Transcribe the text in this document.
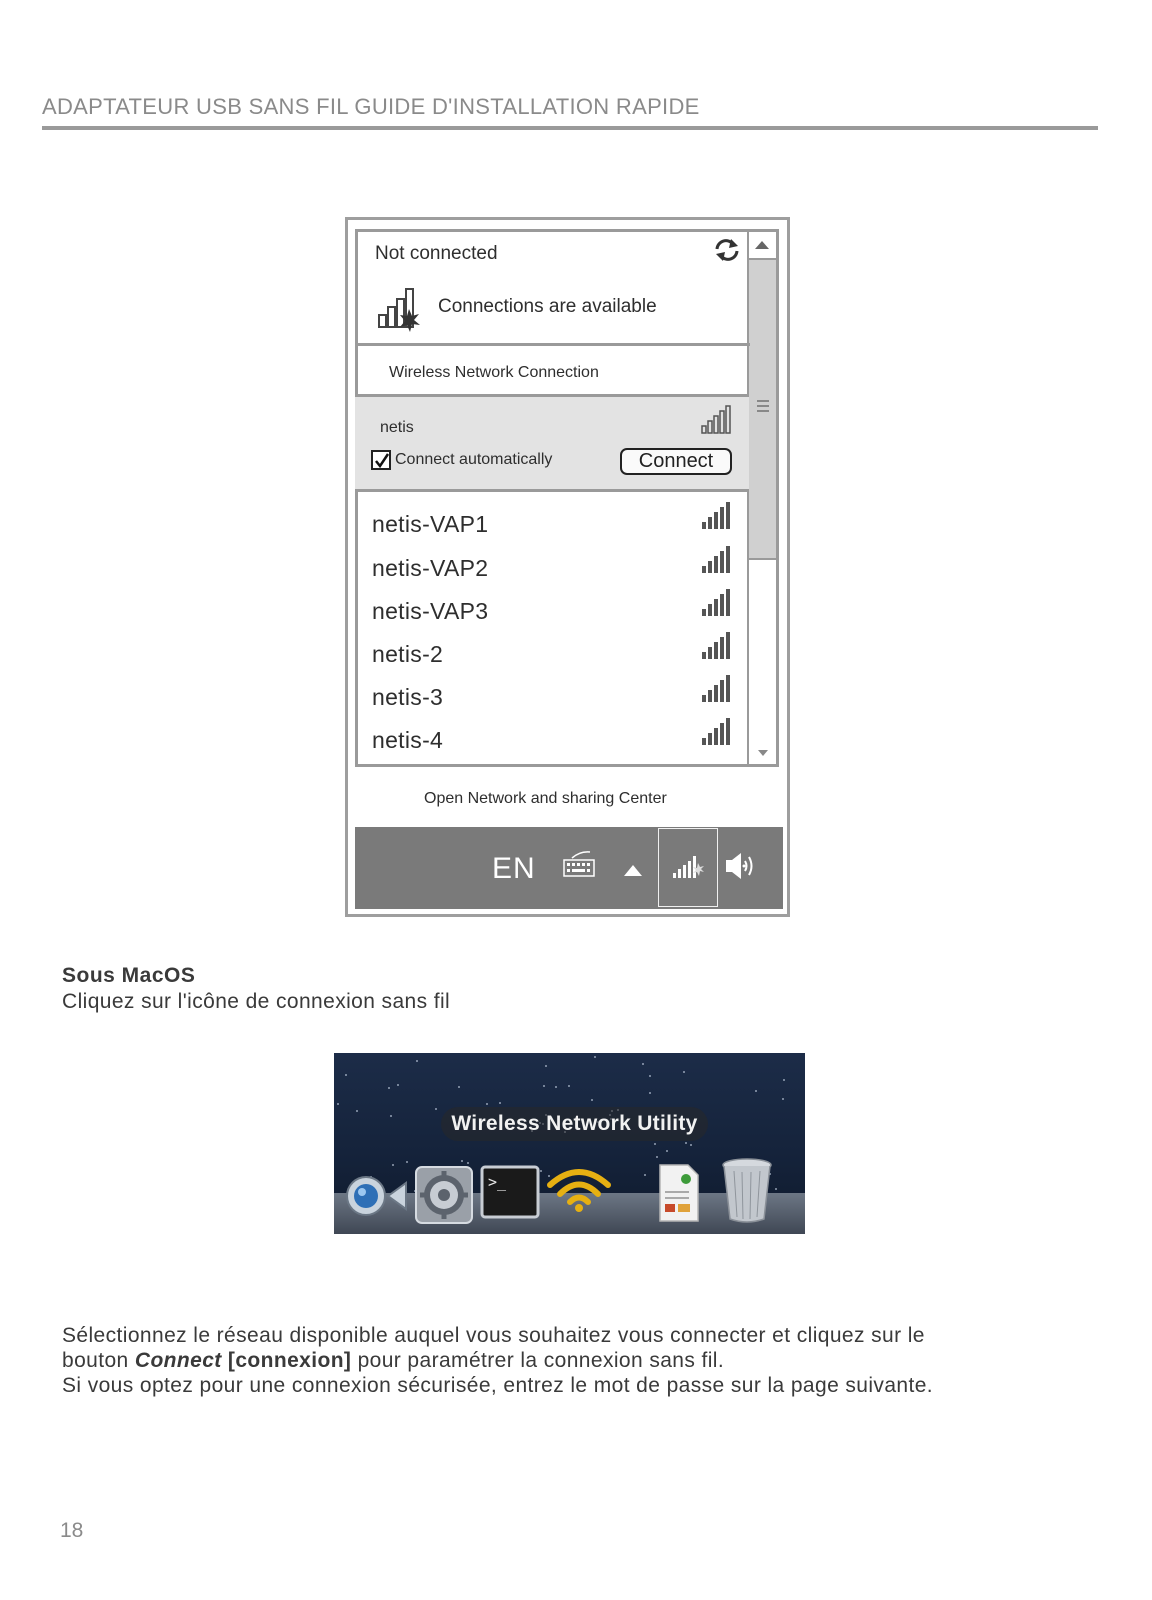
ADAPTATEUR USB SANS FIL GUIDE D'INSTALLATION RAPIDE
Not connected
Connections are available
Wireless Network Connection
netis
Connect automatically	Connect
netis-VAP1
netis-VAP2
netis-VAP3
netis-2
netis-3
netis-4
Open Network and sharing Center
EN
Sous MacOS
Cliquez sur l'icône de connexion sans fil
Wireless Network Utility
>_
Sélectionnez le réseau disponible auquel vous souhaitez vous connecter et cliquez sur le
bouton Connect [connexion] pour paramétrer la connexion sans fil.
Si vous optez pour une connexion sécurisée, entrez le mot de passe sur la page suivante.
18
